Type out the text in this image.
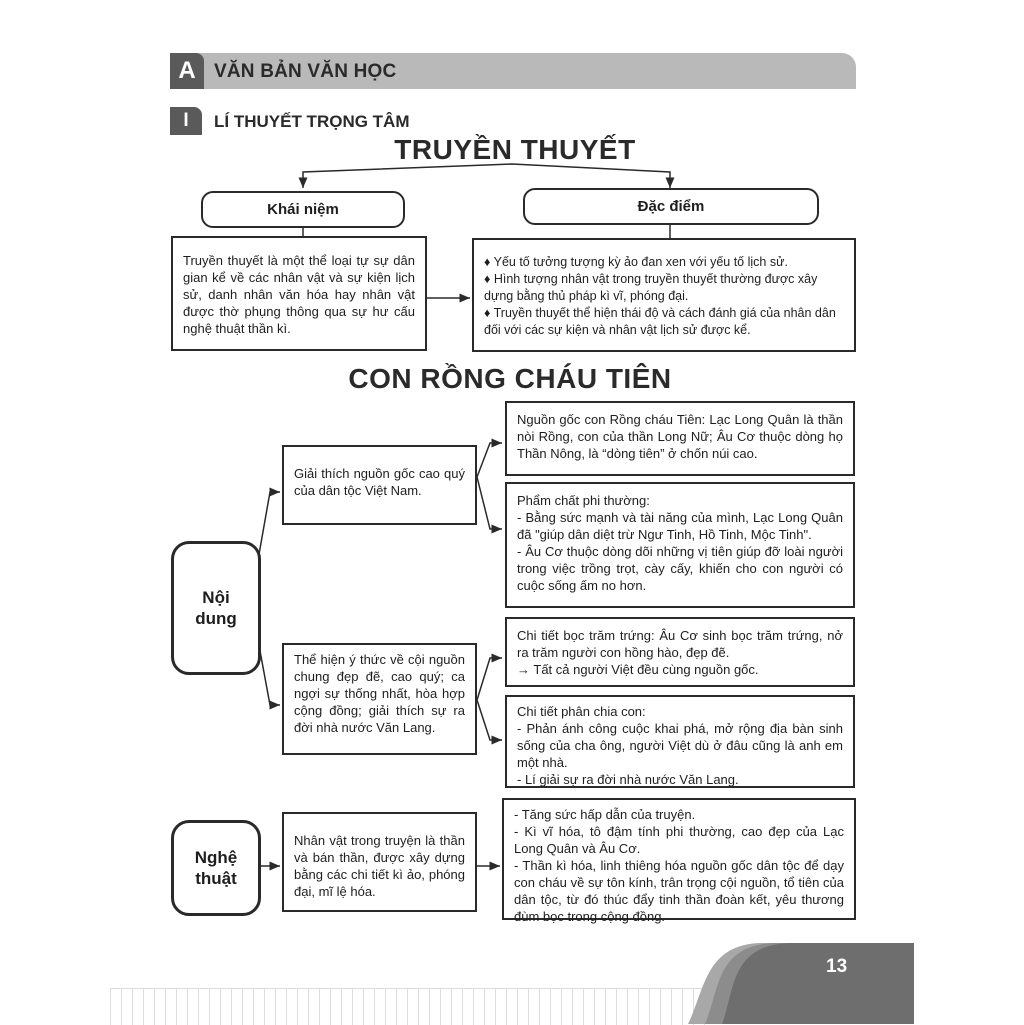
A VĂN BẢN VĂN HỌC
I	LÍ THUYẾT TRỌNG TÂM
TRUYỀN THUYẾT
Khái niệm	Đặc điểm

Truyền thuyết là một thể loại tự sự dân gian kể về các nhân vật và sự kiện lịch sử, danh nhân văn hóa hay nhân vật được thờ phụng thông qua sự hư cấu nghệ thuật thần kì.

♦ Yếu tố tưởng tượng kỳ ảo đan xen với yếu tố lịch sử.

♦ Hình tượng nhân vật trong truyền thuyết thường được xây dựng bằng thủ pháp kì vĩ, phóng đại.

♦ Truyền thuyết thể hiện thái độ và cách đánh giá của nhân dân đối với các sự kiện và nhân vật lịch sử được kể.

CON RỒNG CHÁU TIÊN
Nội
dung

Giải thích nguồn gốc cao quý của dân tộc Việt Nam.

Nguồn gốc con Rồng cháu Tiên: Lạc Long Quân là thần nòi Rồng, con của thần Long Nữ; Âu Cơ thuộc dòng họ Thần Nông, là “dòng tiên” ở chốn núi cao.

Phẩm chất phi thường:

- Bằng sức mạnh và tài năng của mình, Lạc Long Quân đã "giúp dân diệt trừ Ngư Tinh, Hồ Tinh, Mộc Tinh".

- Âu Cơ thuộc dòng dõi những vị tiên giúp đỡ loài người trong việc trồng trọt, cày cấy, khiến cho con người có cuộc sống ấm no hơn.

Thể hiện ý thức về cội nguồn chung đẹp đẽ, cao quý; ca ngợi sự thống nhất, hòa hợp cộng đồng; giải thích sự ra đời nhà nước Văn Lang.

Chi tiết bọc trăm trứng: Âu Cơ sinh bọc trăm trứng, nở ra trăm người con hồng hào, đẹp đẽ.

→ Tất cả người Việt đều cùng nguồn gốc.

Chi tiết phân chia con:

- Phản ánh công cuộc khai phá, mở rộng địa bàn sinh sống của cha ông, người Việt dù ở đâu cũng là anh em một nhà.

- Lí giải sự ra đời nhà nước Văn Lang.

Nghệ
thuật

Nhân vật trong truyện là thần và bán thần, được xây dựng bằng các chi tiết kì ảo, phóng đại, mĩ lệ hóa.

- Tăng sức hấp dẫn của truyện.

- Kì vĩ hóa, tô đậm tính phi thường, cao đẹp của Lạc Long Quân và Âu Cơ.

- Thần kì hóa, linh thiêng hóa nguồn gốc dân tộc để dạy con cháu về sự tôn kính, trân trọng cội nguồn, tổ tiên của dân tộc, từ đó thúc đẩy tinh thần đoàn kết, yêu thương đùm bọc trong cộng đồng.

13
